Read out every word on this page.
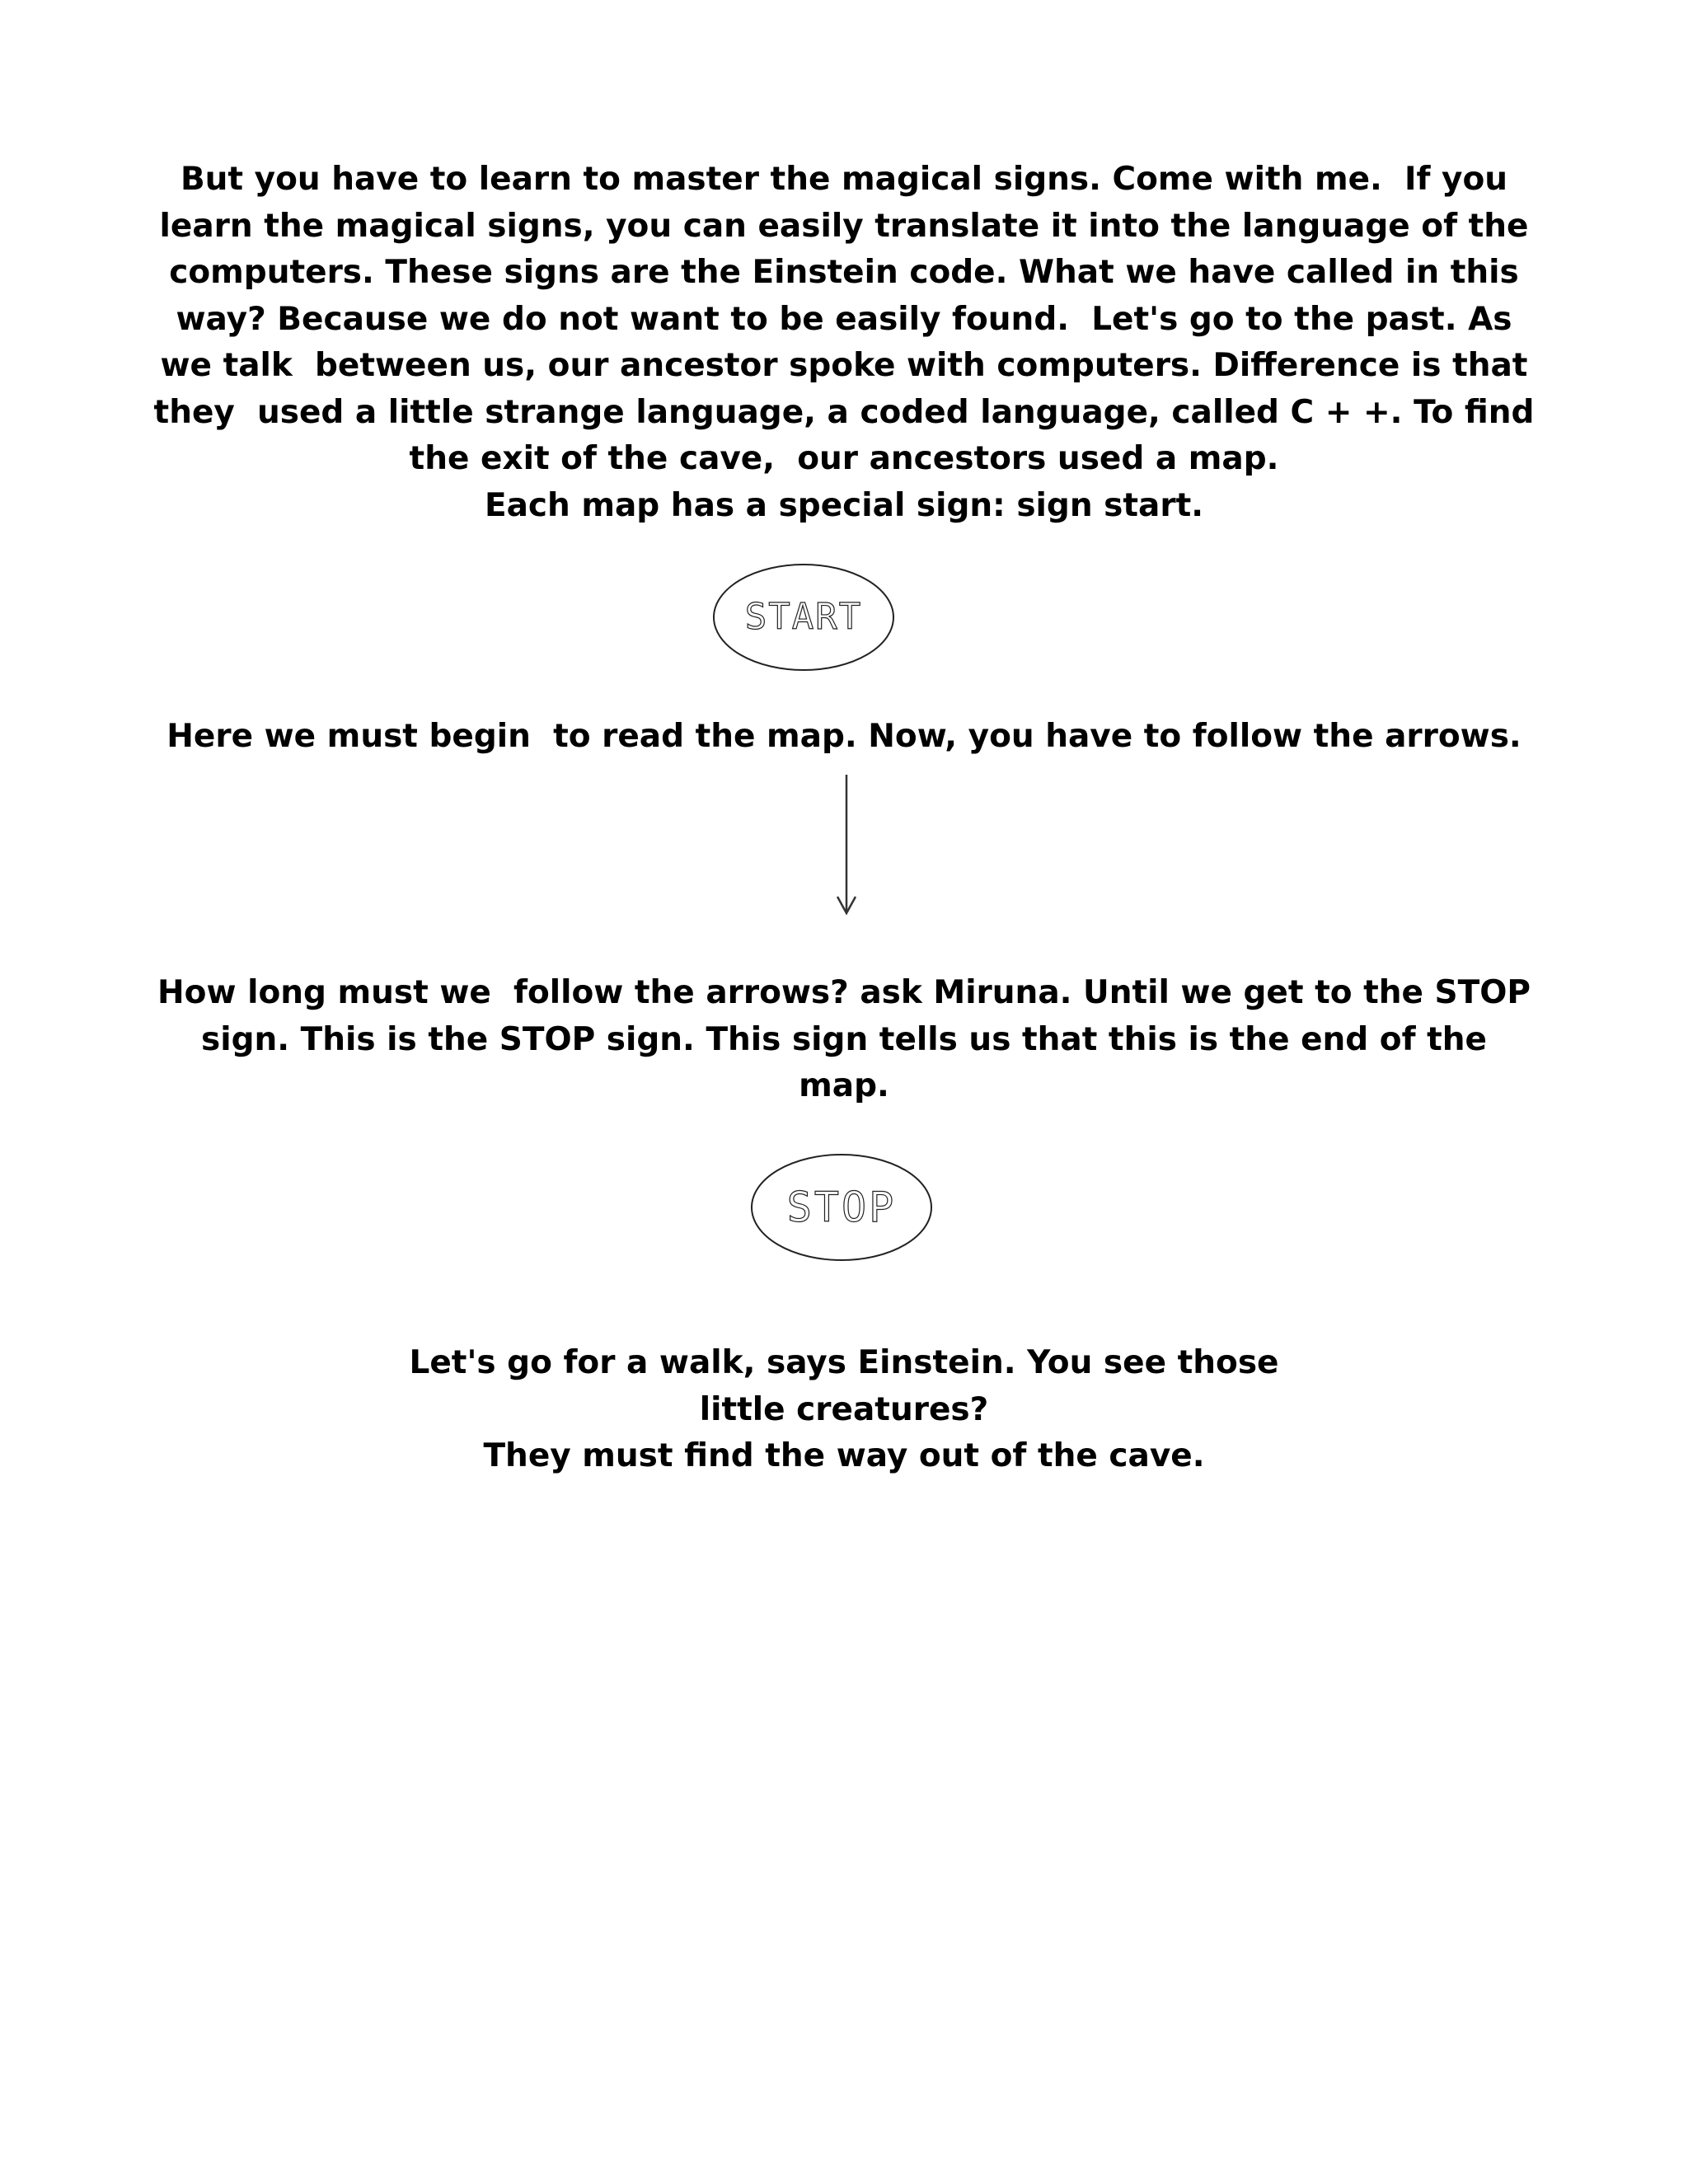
But you have to learn to master the magical signs. Come with me.  If you
learn the magical signs, you can easily translate it into the language of the
computers. These signs are the Einstein code. What we have called in this
way? Because we do not want to be easily found.  Let's go to the past. As
we talk  between us, our ancestor spoke with computers. Difference is that
they  used a little strange language, a coded language, called C + +. To find
the exit of the cave,  our ancestors used a map.
Each map has a special sign: sign start.

START

Here we must begin  to read the map. Now, you have to follow the arrows.

How long must we  follow the arrows? ask Miruna. Until we get to the STOP
sign. This is the STOP sign. This sign tells us that this is the end of the
map.

STOP

Let's go for a walk, says Einstein. You see those
little creatures?
They must find the way out of the cave.
